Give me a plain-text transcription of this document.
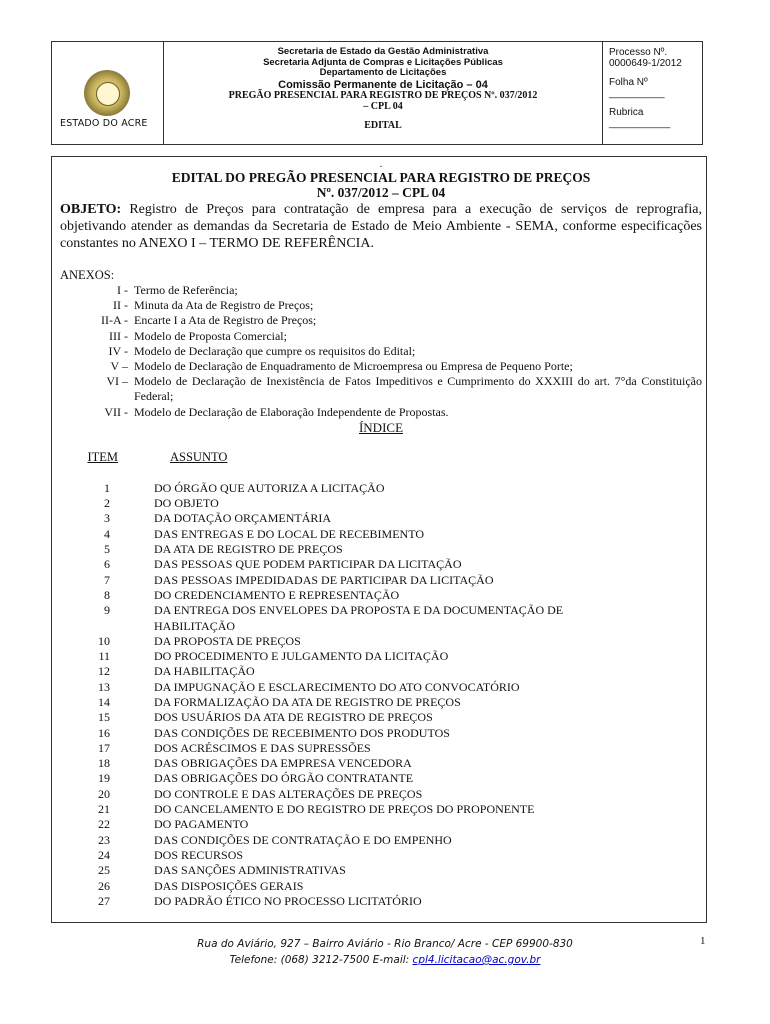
ESTADO DO ACRE
Secretaria de Estado da Gestão Administrativa
Secretaria Adjunta de Compras e Licitações Públicas
Departamento de Licitações
Comissão Permanente de Licitação – 04
PREGÃO PRESENCIAL PARA REGISTRO DE PREÇOS Nº. 037/2012
– CPL 04
EDITAL
Processo Nº. 0000649-1/2012
Folha Nº __________
Rubrica ___________
.
EDITAL DO PREGÃO PRESENCIAL PARA REGISTRO DE PREÇOS
Nº. 037/2012 – CPL 04
OBJETO: Registro de Preços para contratação de empresa para a execução de serviços de reprografia, objetivando atender as demandas da Secretaria de Estado de Meio Ambiente - SEMA, conforme especificações constantes no ANEXO I – TERMO DE REFERÊNCIA.
ANEXOS:
I - Termo de Referência;
II - Minuta da Ata de Registro de Preços;
II-A - Encarte I a Ata de Registro de Preços;
III - Modelo de Proposta Comercial;
IV - Modelo de Declaração que cumpre os requisitos do Edital;
V – Modelo de Declaração de Enquadramento de Microempresa ou Empresa de Pequeno Porte;
VI – Modelo de Declaração de Inexistência de Fatos Impeditivos e Cumprimento do XXXIII do art. 7°da Constituição Federal;
VII - Modelo de Declaração de Elaboração Independente de Propostas.
ÍNDICE
ITEM	ASSUNTO
1	DO ÓRGÃO QUE AUTORIZA A LICITAÇÃO
2	DO OBJETO
3	DA DOTAÇÃO ORÇAMENTÁRIA
4	DAS ENTREGAS E DO LOCAL DE RECEBIMENTO
5	DA ATA DE REGISTRO DE PREÇOS
6	DAS PESSOAS QUE PODEM PARTICIPAR DA LICITAÇÃO
7	DAS PESSOAS IMPEDIDADAS DE PARTICIPAR DA LICITAÇÃO
8	DO CREDENCIAMENTO E REPRESENTAÇÃO
9	DA ENTREGA DOS ENVELOPES DA PROPOSTA E DA DOCUMENTAÇÃO DE HABILITAÇÃO
10	DA PROPOSTA DE PREÇOS
11	DO PROCEDIMENTO E JULGAMENTO DA LICITAÇÃO
12	DA HABILITAÇÃO
13	DA IMPUGNAÇÃO E ESCLARECIMENTO DO ATO CONVOCATÓRIO
14	DA FORMALIZAÇÃO DA ATA DE REGISTRO DE PREÇOS
15	DOS USUÁRIOS DA ATA DE REGISTRO DE PREÇOS
16	DAS CONDIÇÕES DE RECEBIMENTO DOS PRODUTOS
17	DOS ACRÉSCIMOS E DAS SUPRESSÕES
18	DAS OBRIGAÇÕES DA EMPRESA VENCEDORA
19	DAS OBRIGAÇÕES DO ÓRGÃO CONTRATANTE
20	DO CONTROLE E DAS ALTERAÇÕES DE PREÇOS
21	DO CANCELAMENTO E DO REGISTRO DE PREÇOS DO PROPONENTE
22	DO PAGAMENTO
23	DAS CONDIÇÕES DE CONTRATAÇÃO E DO EMPENHO
24	DOS RECURSOS
25	DAS SANÇÕES ADMINISTRATIVAS
26	DAS DISPOSIÇÕES GERAIS
27	DO PADRÃO ÉTICO NO PROCESSO LICITATÓRIO
Rua do Aviário, 927 – Bairro Aviário - Rio Branco/ Acre - CEP 69900-830
Telefone: (068) 3212-7500 E-mail: cpl4.licitacao@ac.gov.br
1
